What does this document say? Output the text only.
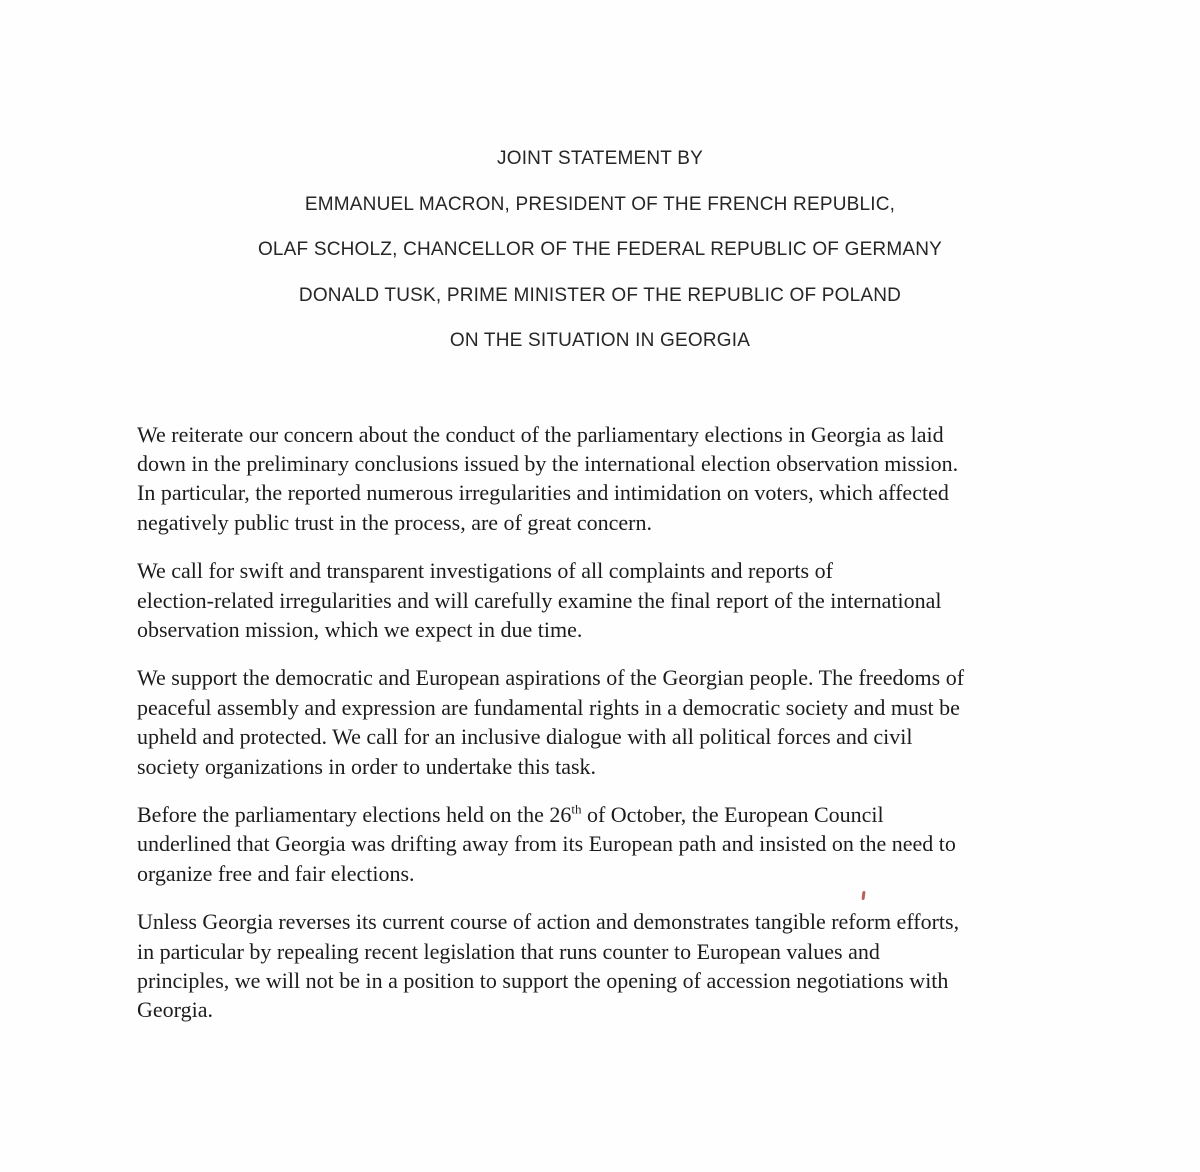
JOINT STATEMENT BY
EMMANUEL MACRON, PRESIDENT OF THE FRENCH REPUBLIC,
OLAF SCHOLZ, CHANCELLOR OF THE FEDERAL REPUBLIC OF GERMANY
DONALD TUSK, PRIME MINISTER OF THE REPUBLIC OF POLAND
ON THE SITUATION IN GEORGIA

We reiterate our concern about the conduct of the parliamentary elections in Georgia as laid
down in the preliminary conclusions issued by the international election observation mission.
In particular, the reported numerous irregularities and intimidation on voters, which affected
negatively public trust in the process, are of great concern.

We call for swift and transparent investigations of all complaints and reports of
election-related irregularities and will carefully examine the final report of the international
observation mission, which we expect in due time.

We support the democratic and European aspirations of the Georgian people. The freedoms of
peaceful assembly and expression are fundamental rights in a democratic society and must be
upheld and protected. We call for an inclusive dialogue with all political forces and civil
society organizations in order to undertake this task.

Before the parliamentary elections held on the 26th of October, the European Council
underlined that Georgia was drifting away from its European path and insisted on the need to
organize free and fair elections.

Unless Georgia reverses its current course of action and demonstrates tangible reform efforts,
in particular by repealing recent legislation that runs counter to European values and
principles, we will not be in a position to support the opening of accession negotiations with
Georgia.
